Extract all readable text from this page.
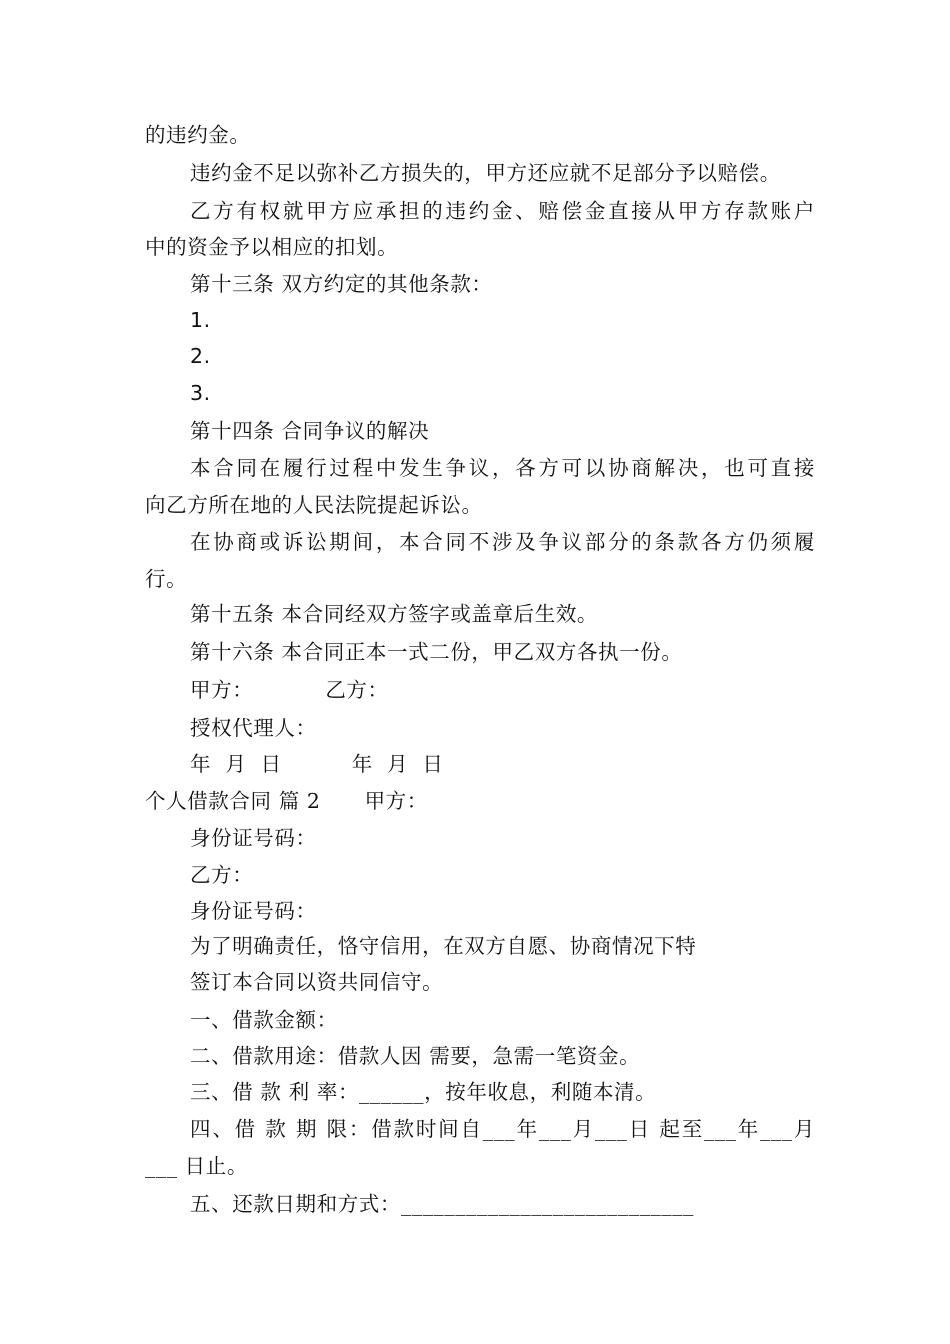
的违约金。
违约金不足以弥补乙方损失的，甲方还应就不足部分予以赔偿。
乙方有权就甲方应承担的违约金、赔偿金直接从甲方存款账户
中的资金予以相应的扣划。
第十三条 双方约定的其他条款：
1.
2.
3.
第十四条 合同争议的解决
本合同在履行过程中发生争议，各方可以协商解决，也可直接
向乙方所在地的人民法院提起诉讼。
在协商或诉讼期间，本合同不涉及争议部分的条款各方仍须履
行。
第十五条 本合同经双方签字或盖章后生效。
第十六条 本合同正本一式二份，甲乙双方各执一份。
甲方：	乙方：
授权代理人：
年  月  日	年  月  日
个人借款合同 篇 2 甲方：
身份证号码：
乙方：
身份证号码：
为了明确责任，恪守信用，在双方自愿、协商情况下特
签订本合同以资共同信守。
一、借款金额：
二、借款用途：借款人因 需要，急需一笔资金。
三、借 款 利 率：______，按年收息，利随本清。
四、借 款 期 限：借款时间自___年___月___日 起至___年___月
___ 日止。
五、还款日期和方式：___________________________
